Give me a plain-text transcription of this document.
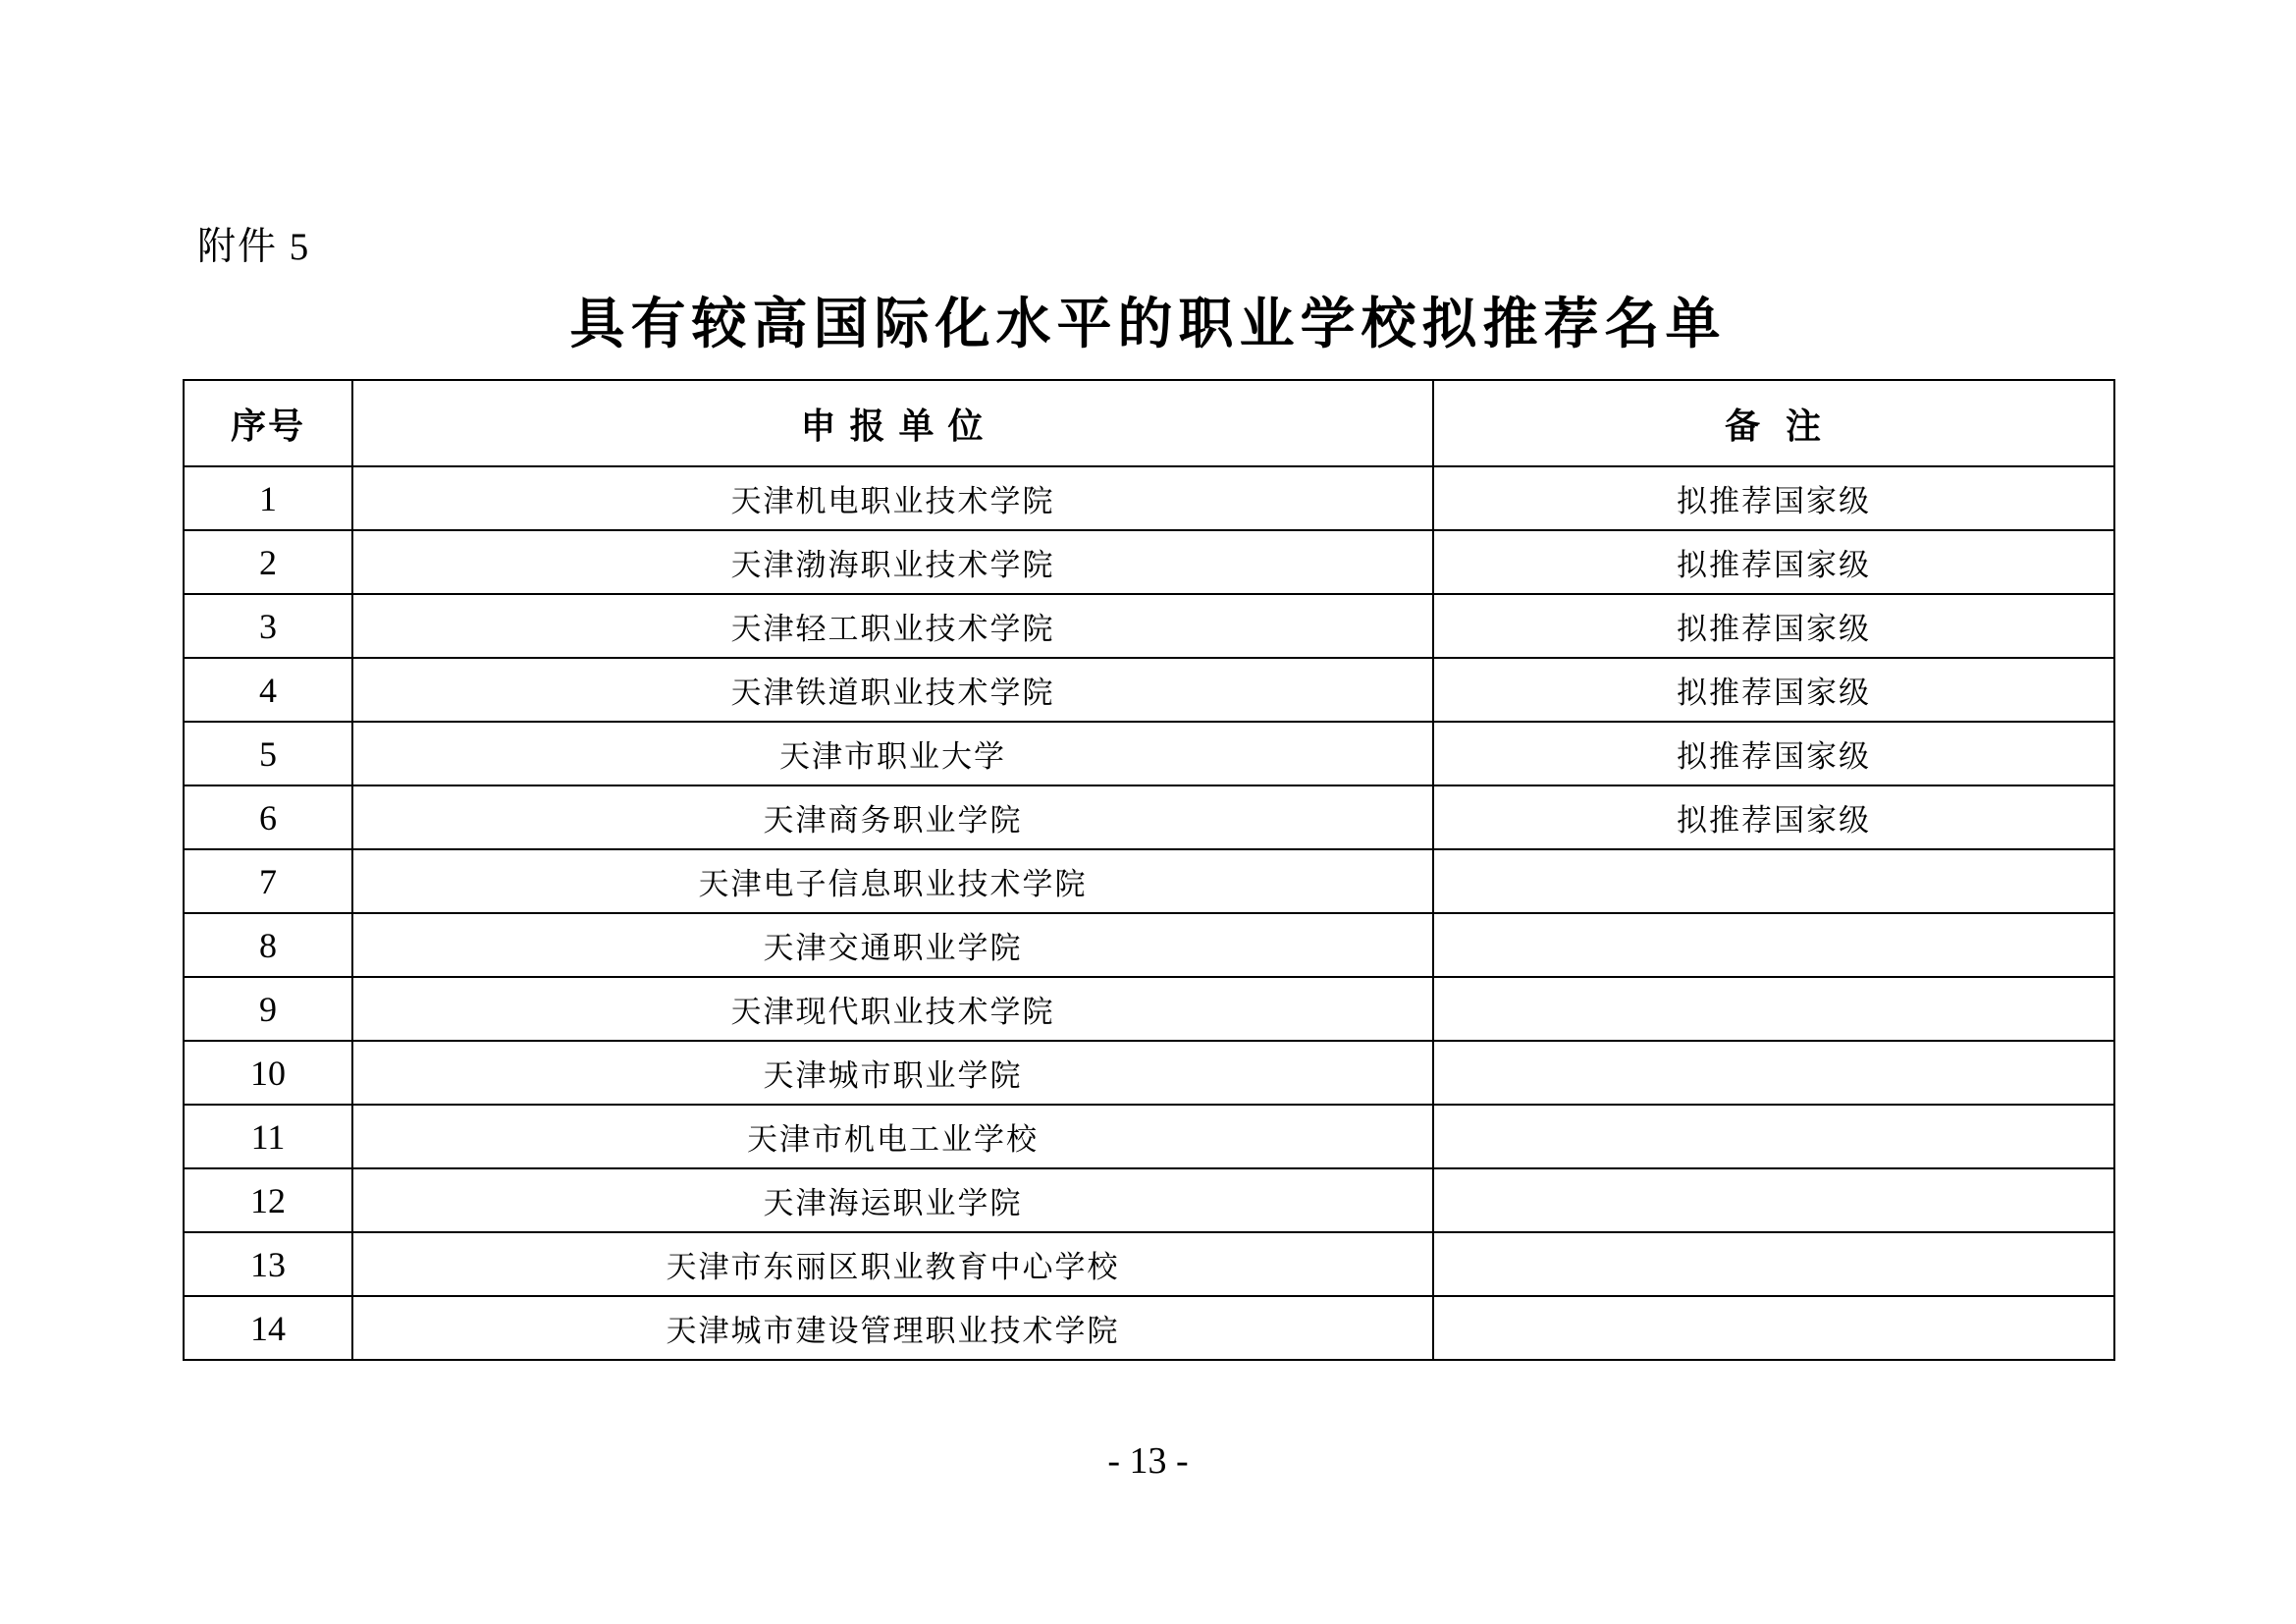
附件 5
具有较高国际化水平的职业学校拟推荐名单
序号	申 报 单 位	备  注
1	天津机电职业技术学院	拟推荐国家级
2	天津渤海职业技术学院	拟推荐国家级
3	天津轻工职业技术学院	拟推荐国家级
4	天津铁道职业技术学院	拟推荐国家级
5	天津市职业大学	拟推荐国家级
6	天津商务职业学院	拟推荐国家级
7	天津电子信息职业技术学院	
8	天津交通职业学院	
9	天津现代职业技术学院	
10	天津城市职业学院	
11	天津市机电工业学校	
12	天津海运职业学院	
13	天津市东丽区职业教育中心学校	
14	天津城市建设管理职业技术学院	
- 13 -
